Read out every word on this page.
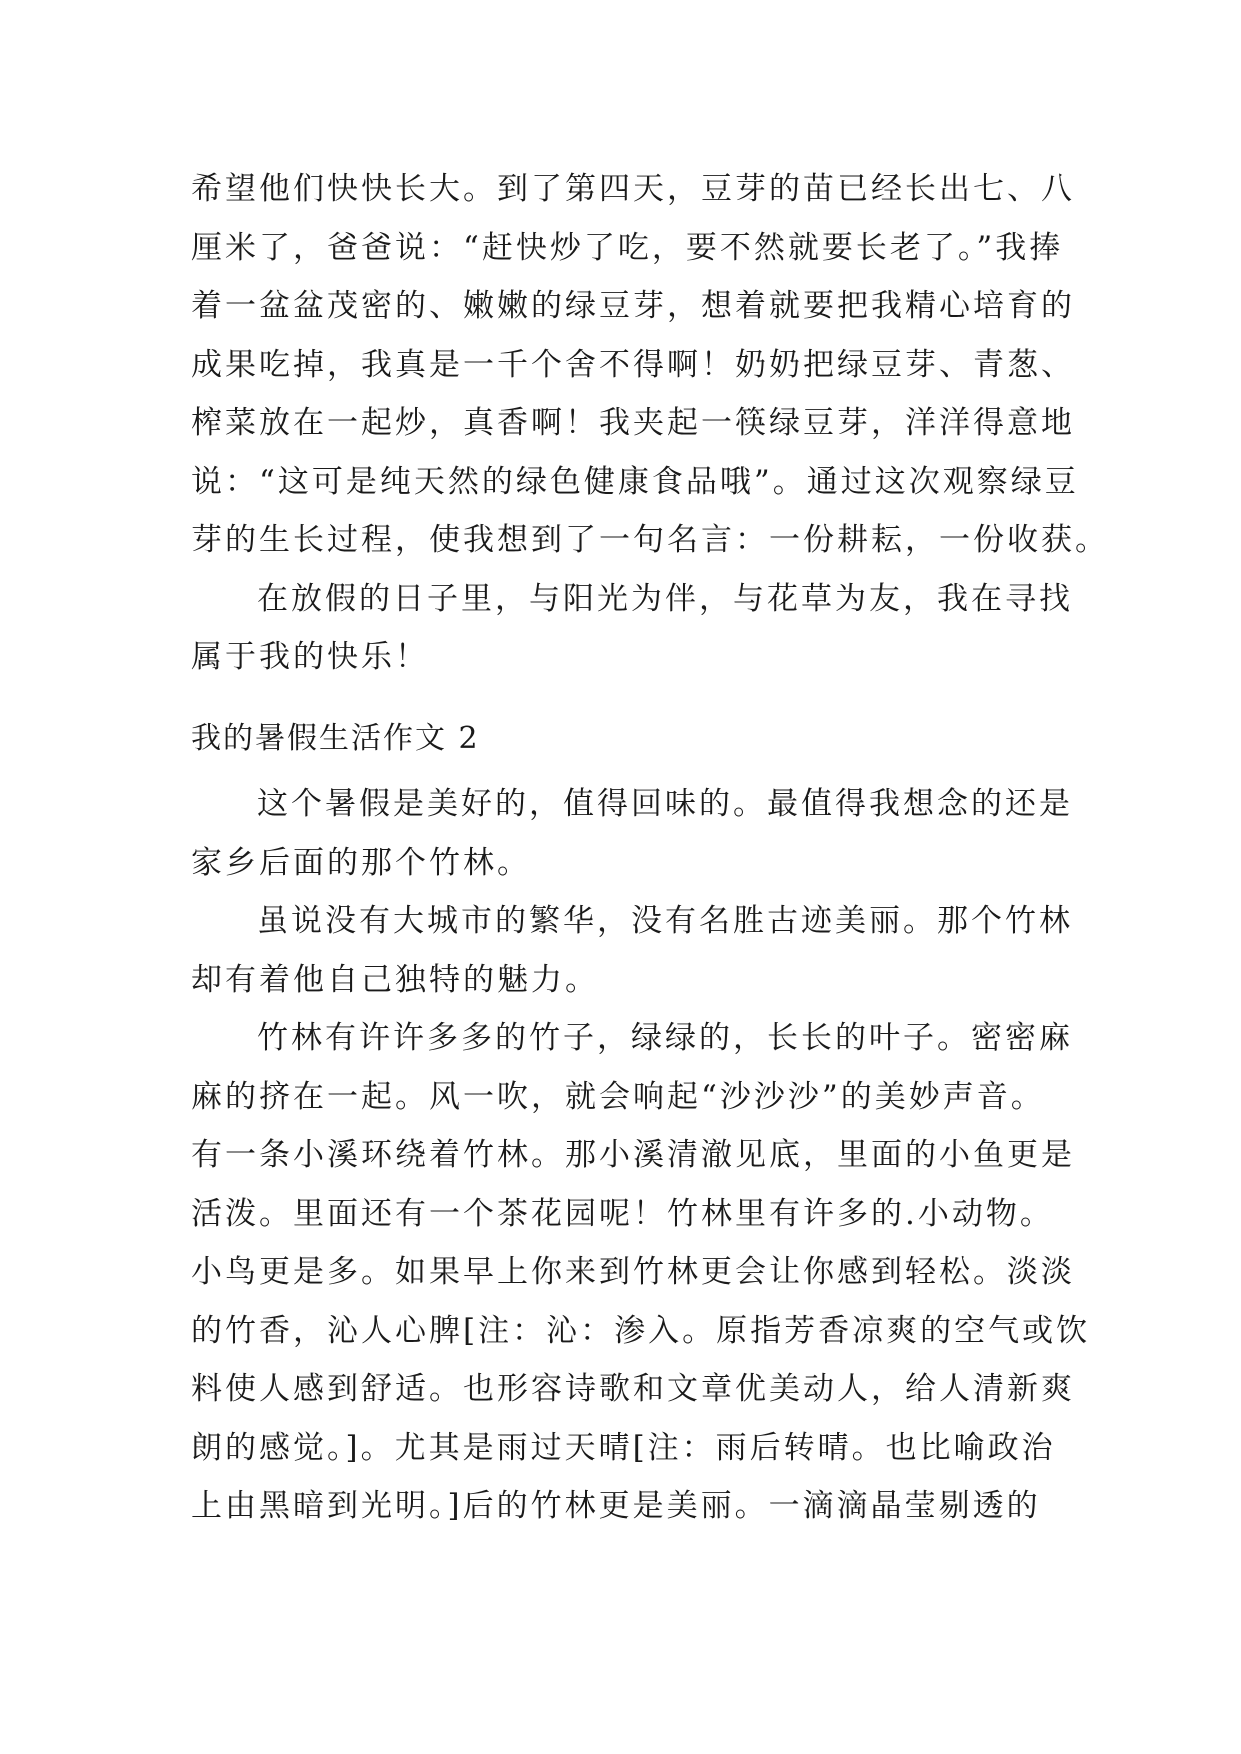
希望他们快快长大。到了第四天，豆芽的苗已经长出七、八
厘米了，爸爸说：“赶快炒了吃，要不然就要长老了。”我捧
着一盆盆茂密的、嫩嫩的绿豆芽，想着就要把我精心培育的
成果吃掉，我真是一千个舍不得啊！奶奶把绿豆芽、青葱、
榨菜放在一起炒，真香啊！我夹起一筷绿豆芽，洋洋得意地
说：“这可是纯天然的绿色健康食品哦”。通过这次观察绿豆
芽的生长过程，使我想到了一句名言：一份耕耘，一份收获。
在放假的日子里，与阳光为伴，与花草为友，我在寻找
属于我的快乐！
我的暑假生活作文 2
这个暑假是美好的，值得回味的。最值得我想念的还是
家乡后面的那个竹林。
虽说没有大城市的繁华，没有名胜古迹美丽。那个竹林
却有着他自己独特的魅力。
竹林有许许多多的竹子，绿绿的，长长的叶子。密密麻
麻的挤在一起。风一吹，就会响起“沙沙沙”的美妙声音。
有一条小溪环绕着竹林。那小溪清澈见底，里面的小鱼更是
活泼。里面还有一个茶花园呢！竹林里有许多的.小动物。
小鸟更是多。如果早上你来到竹林更会让你感到轻松。淡淡
的竹香，沁人心脾[注：沁：渗入。原指芳香凉爽的空气或饮
料使人感到舒适。也形容诗歌和文章优美动人，给人清新爽
朗的感觉。]。尤其是雨过天晴[注：雨后转晴。也比喻政治
上由黑暗到光明。]后的竹林更是美丽。一滴滴晶莹剔透的
